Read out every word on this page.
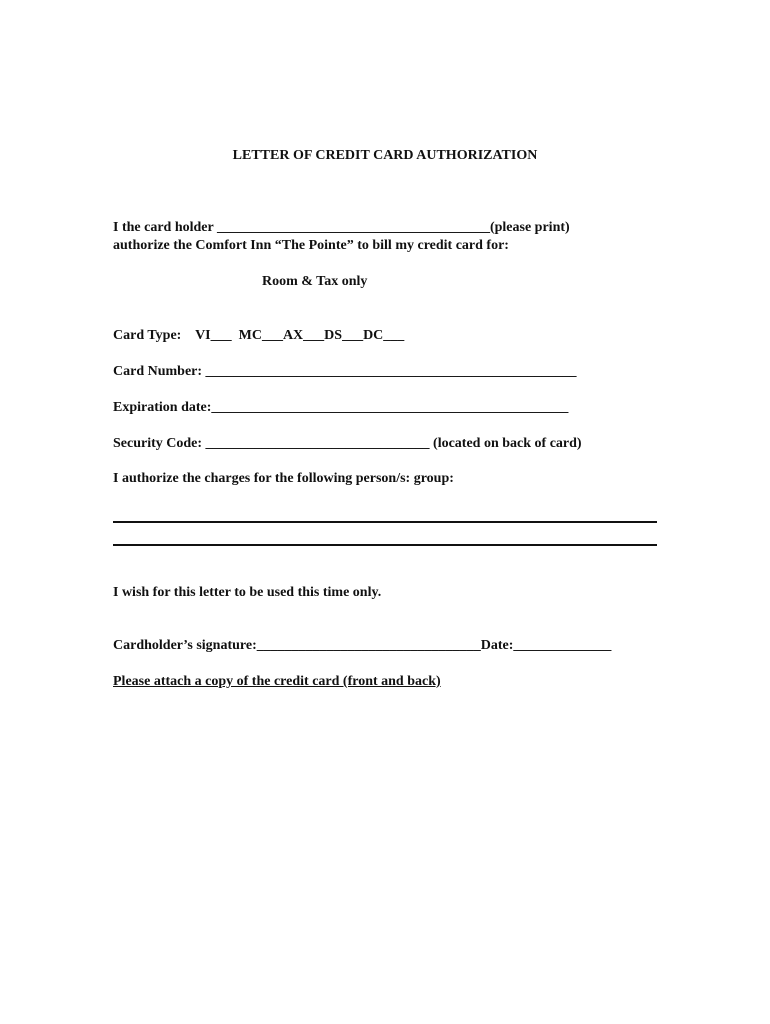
LETTER OF CREDIT CARD AUTHORIZATION
I the card holder _______________________________________(please print)
authorize the Comfort Inn “The Pointe” to bill my credit card for:
Room & Tax only
Card Type:    VI___  MC___AX___DS___DC___
Card Number: _____________________________________________________
Expiration date:___________________________________________________
Security Code: ________________________________ (located on back of card)
I authorize the charges for the following person/s: group:
I wish for this letter to be used this time only.
Cardholder’s signature:________________________________Date:______________
Please attach a copy of the credit card (front and back)
